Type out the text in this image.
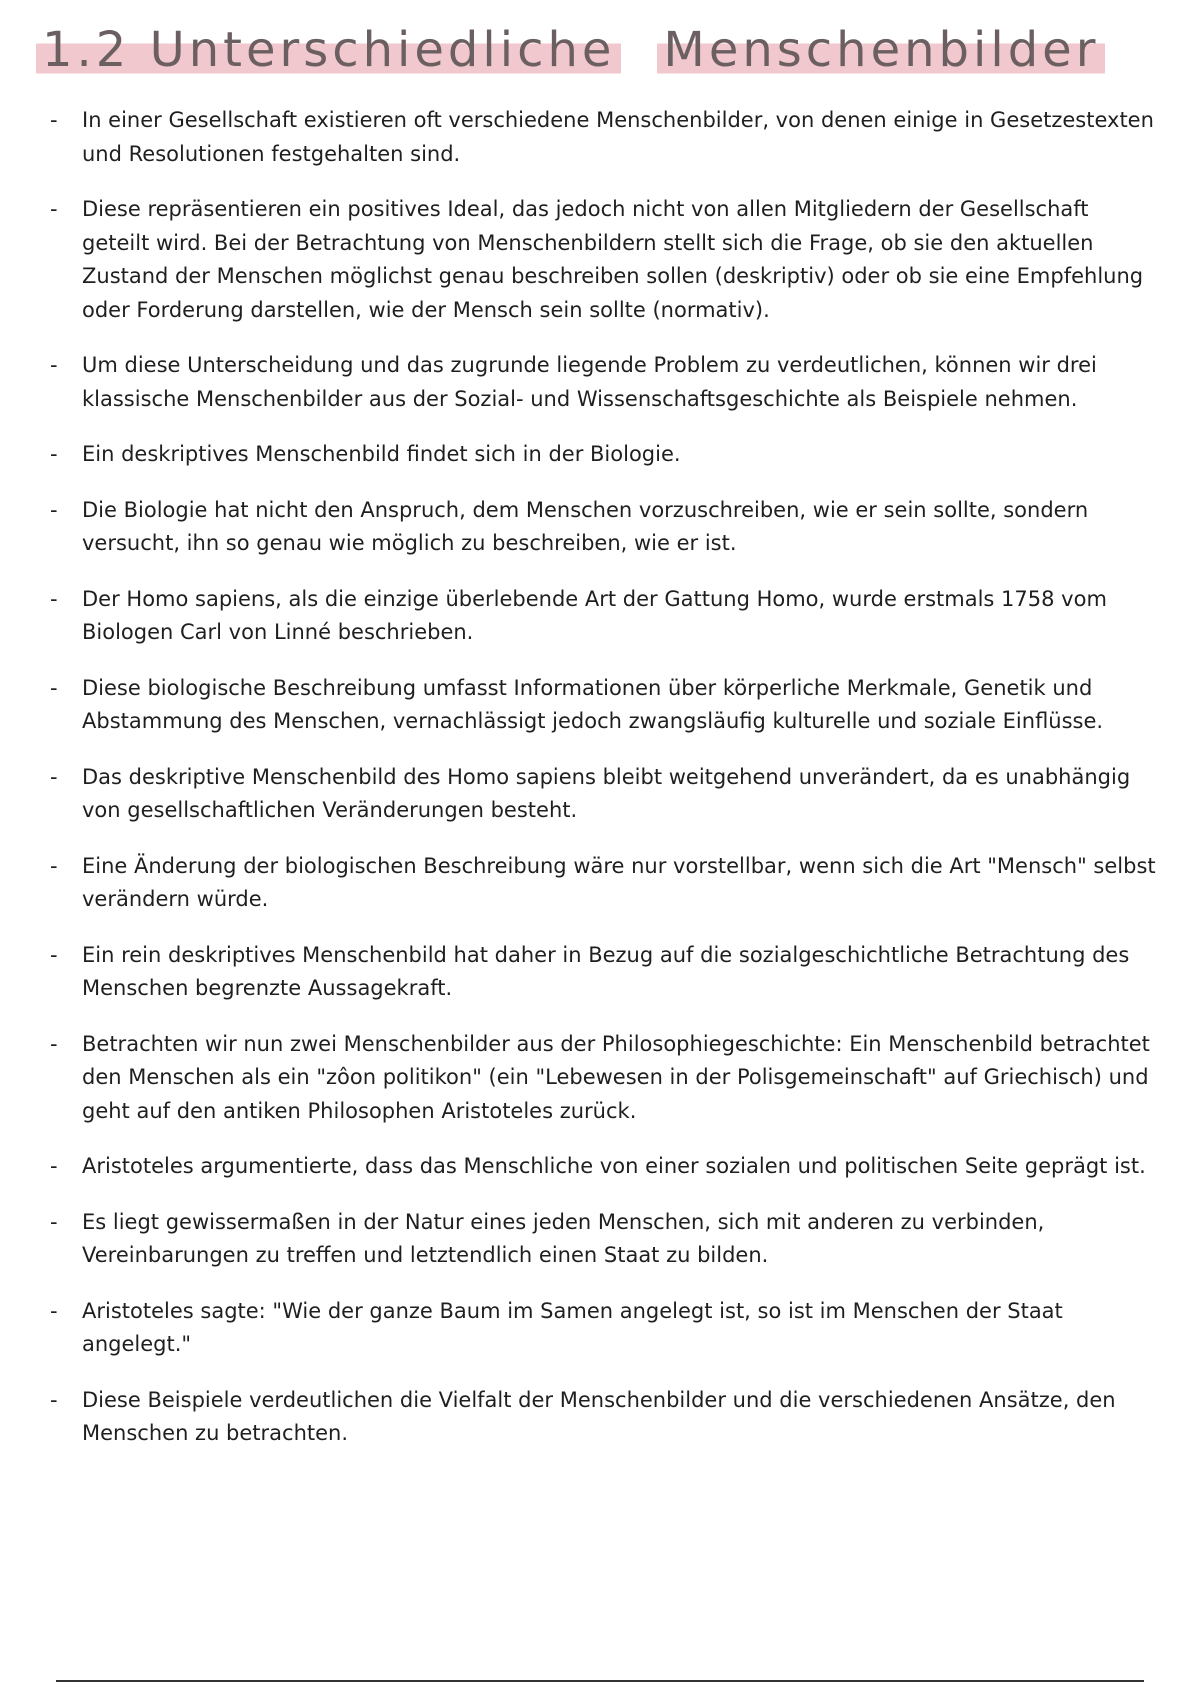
1.2 Unterschiedliche Menschenbilder
- In einer Gesellschaft existieren oft verschiedene Menschenbilder, von denen einige in Gesetzestexten und Resolutionen festgehalten sind.
- Diese repräsentieren ein positives Ideal, das jedoch nicht von allen Mitgliedern der Gesellschaft geteilt wird. Bei der Betrachtung von Menschenbildern stellt sich die Frage, ob sie den aktuellen Zustand der Menschen möglichst genau beschreiben sollen (deskriptiv) oder ob sie eine Empfehlung oder Forderung darstellen, wie der Mensch sein sollte (normativ).
- Um diese Unterscheidung und das zugrunde liegende Problem zu verdeutlichen, können wir drei klassische Menschenbilder aus der Sozial- und Wissenschaftsgeschichte als Beispiele nehmen.
- Ein deskriptives Menschenbild findet sich in der Biologie.
- Die Biologie hat nicht den Anspruch, dem Menschen vorzuschreiben, wie er sein sollte, sondern versucht, ihn so genau wie möglich zu beschreiben, wie er ist.
- Der Homo sapiens, als die einzige überlebende Art der Gattung Homo, wurde erstmals 1758 vom Biologen Carl von Linné beschrieben.
- Diese biologische Beschreibung umfasst Informationen über körperliche Merkmale, Genetik und Abstammung des Menschen, vernachlässigt jedoch zwangsläufig kulturelle und soziale Einflüsse.
- Das deskriptive Menschenbild des Homo sapiens bleibt weitgehend unverändert, da es unabhängig von gesellschaftlichen Veränderungen besteht.
- Eine Änderung der biologischen Beschreibung wäre nur vorstellbar, wenn sich die Art "Mensch" selbst verändern würde.
- Ein rein deskriptives Menschenbild hat daher in Bezug auf die sozialgeschichtliche Betrachtung des Menschen begrenzte Aussagekraft.
- Betrachten wir nun zwei Menschenbilder aus der Philosophiegeschichte: Ein Menschenbild betrachtet den Menschen als ein "zôon politikon" (ein "Lebewesen in der Polisgemeinschaft" auf Griechisch) und geht auf den antiken Philosophen Aristoteles zurück.
- Aristoteles argumentierte, dass das Menschliche von einer sozialen und politischen Seite geprägt ist.
- Es liegt gewissermaßen in der Natur eines jeden Menschen, sich mit anderen zu verbinden, Vereinbarungen zu treffen und letztendlich einen Staat zu bilden.
- Aristoteles sagte: "Wie der ganze Baum im Samen angelegt ist, so ist im Menschen der Staat angelegt."
- Diese Beispiele verdeutlichen die Vielfalt der Menschenbilder und die verschiedenen Ansätze, den Menschen zu betrachten.
